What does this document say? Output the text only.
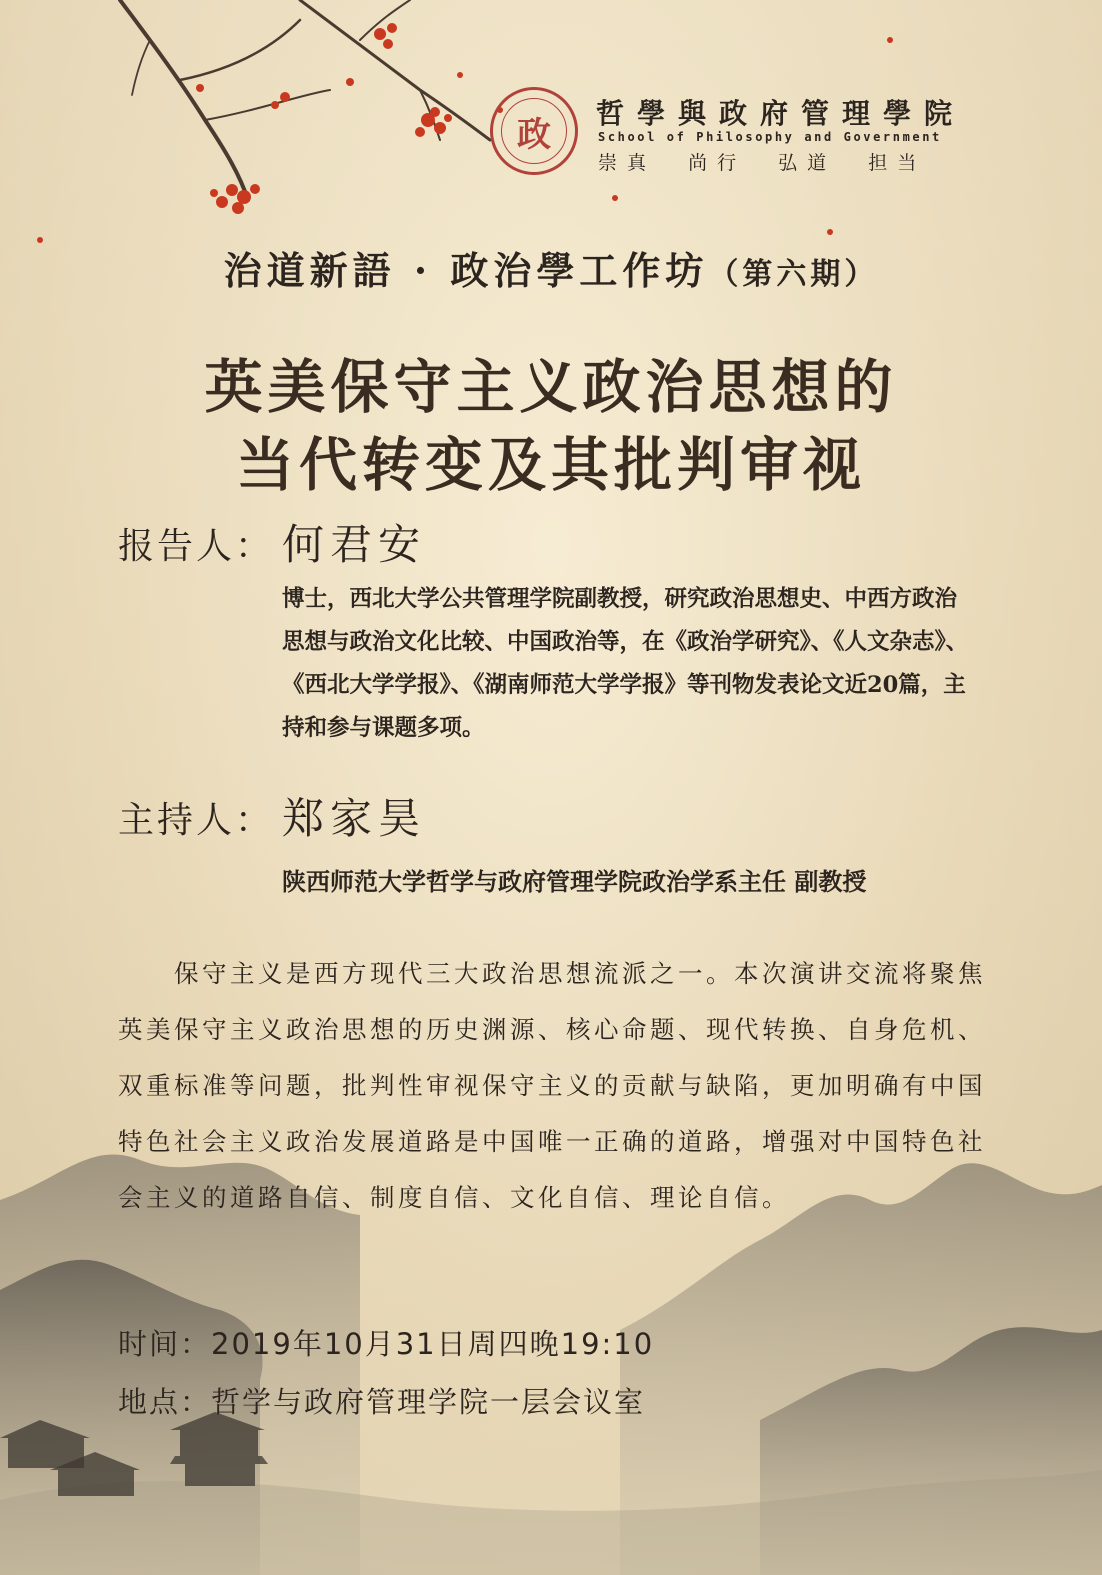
政
哲學與政府管理學院
School of Philosophy and Government
崇真 尚行 弘道 担当
治道新語 · 政治學工作坊（第六期）
英美保守主义政治思想的
当代转变及其批判审视
报告人： 何君安
博士，西北大学公共管理学院副教授，研究政治思想史、中西方政治思想与政治文化比较、中国政治等，在《政治学研究》、《人文杂志》、《西北大学学报》、《湖南师范大学学报》等刊物发表论文近20篇，主持和参与课题多项。
主持人： 郑家昊
陕西师范大学哲学与政府管理学院政治学系主任 副教授
保守主义是西方现代三大政治思想流派之一。本次演讲交流将聚焦英美保守主义政治思想的历史渊源、核心命题、现代转换、自身危机、双重标准等问题，批判性审视保守主义的贡献与缺陷，更加明确有中国特色社会主义政治发展道路是中国唯一正确的道路，增强对中国特色社会主义的道路自信、制度自信、文化自信、理论自信。
时间：2019年10月31日周四晚19:10
地点：哲学与政府管理学院一层会议室
